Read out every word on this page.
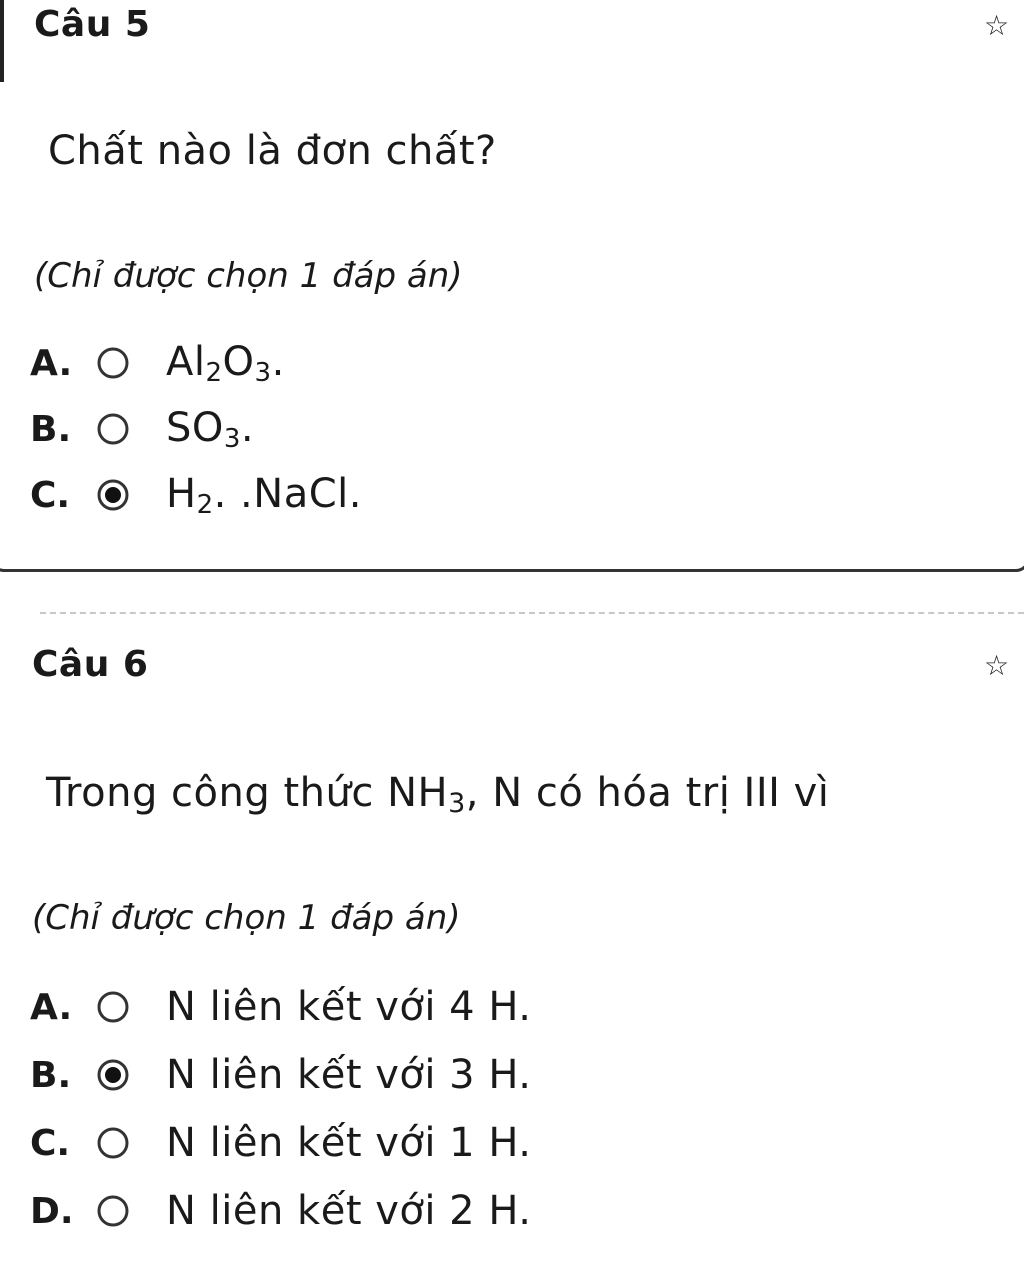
Câu 5	☆
Chất nào là đơn chất?
(Chỉ được chọn 1 đáp án)
A.	$Al_2O_3$.
B.	$SO_3$.
C.	$H_2$. .NaCl.
Câu 6	☆
Trong công thức $NH_3$, N có hóa trị III vì
(Chỉ được chọn 1 đáp án)
A.	N liên kết với 4 H.
B.	N liên kết với 3 H.
C.	N liên kết với 1 H.
D.	N liên kết với 2 H.
